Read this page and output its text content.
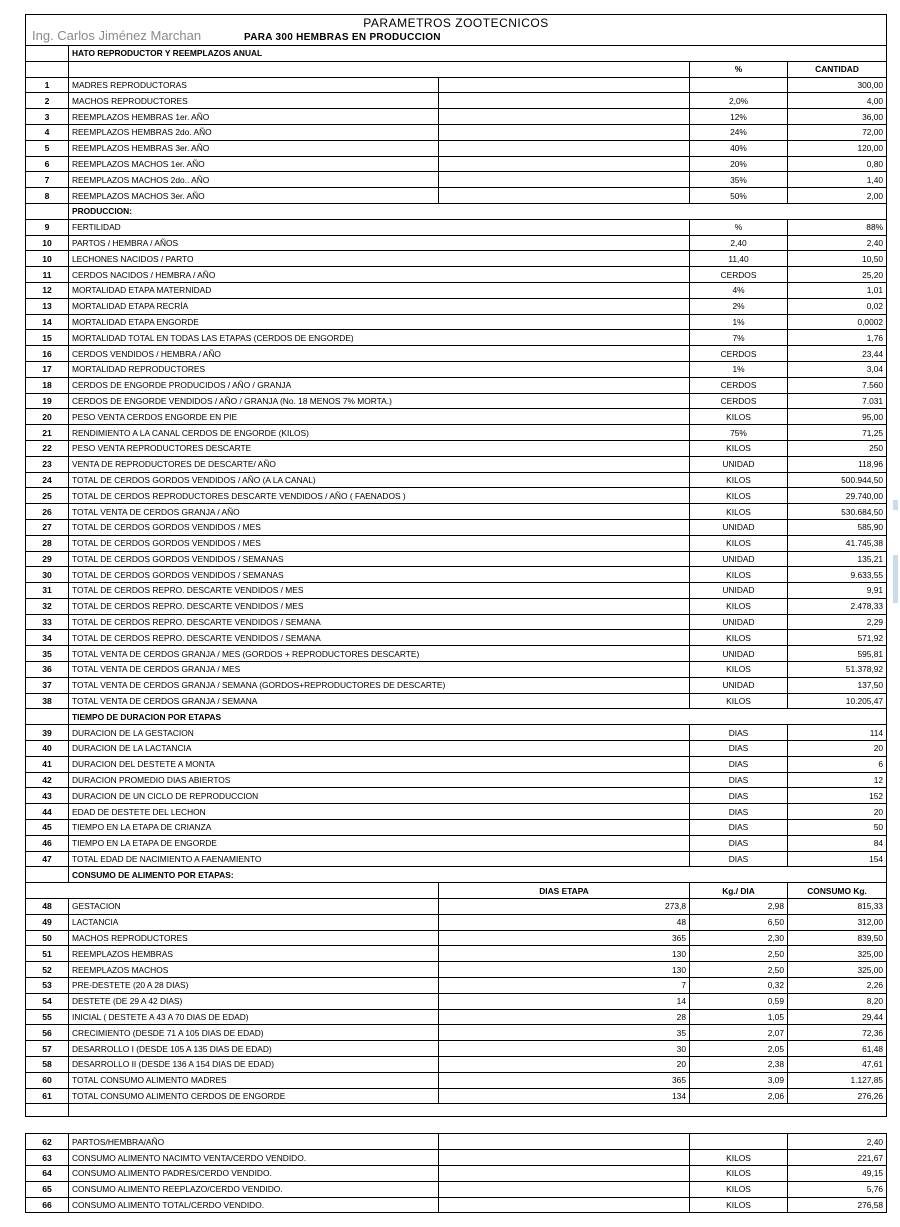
PARAMETROS ZOOTECNICOS
Ing. Carlos Jiménez Marchan PARA 300 HEMBRAS EN PRODUCCION				

	HATO REPRODUCTOR Y REEMPLAZOS ANUAL			
			%	CANTIDAD
1	MADRES REPRODUCTORAS			300,00
2	MACHOS REPRODUCTORES		2,0%	4,00
3	REEMPLAZOS HEMBRAS 1er. AÑO		12%	36,00
4	REEMPLAZOS HEMBRAS 2do. AÑO		24%	72,00
5	REEMPLAZOS HEMBRAS 3er. AÑO		40%	120,00
6	REEMPLAZOS MACHOS 1er. AÑO		20%	0,80
7	REEMPLAZOS MACHOS 2do.. AÑO		35%	1,40
8	REEMPLAZOS MACHOS 3er. AÑO		50%	2,00
	PRODUCCION:			
9	FERTILIDAD		%	88%
10	PARTOS / HEMBRA / AÑOS		2,40	2,40
10	LECHONES NACIDOS / PARTO		11,40	10,50
11	CERDOS NACIDOS / HEMBRA / AÑO		CERDOS	25,20
12	MORTALIDAD ETAPA MATERNIDAD		4%	1,01
13	MORTALIDAD ETAPA RECRÍA		2%	0,02
14	MORTALIDAD ETAPA ENGORDE		1%	0,0002
15	MORTALIDAD TOTAL EN TODAS LAS ETAPAS (CERDOS DE ENGORDE)		7%	1,76
16	CERDOS VENDIDOS / HEMBRA / AÑO		CERDOS	23,44
17	MORTALIDAD REPRODUCTORES		1%	3,04
18	CERDOS DE ENGORDE PRODUCIDOS / AÑO / GRANJA		CERDOS	7.560
19	CERDOS DE ENGORDE VENDIDOS / AÑO / GRANJA (No. 18 MENOS 7% MORTA.)		CERDOS	7.031
20	PESO VENTA CERDOS ENGORDE EN PIE		KILOS	95,00
21	RENDIMIENTO A LA CANAL CERDOS DE ENGORDE (KILOS)		75%	71,25
22	PESO VENTA REPRODUCTORES DESCARTE		KILOS	250
23	VENTA DE REPRODUCTORES DE DESCARTE/ AÑO		UNIDAD	118,96
24	TOTAL DE CERDOS GORDOS VENDIDOS / AÑO (A LA CANAL)		KILOS	500.944,50
25	TOTAL DE CERDOS REPRODUCTORES DESCARTE VENDIDOS / AÑO ( FAENADOS )		KILOS	29.740,00
26	TOTAL VENTA DE CERDOS GRANJA / AÑO		KILOS	530.684,50
27	TOTAL DE CERDOS GORDOS VENDIDOS / MES		UNIDAD	585,90
28	TOTAL DE CERDOS GORDOS VENDIDOS / MES		KILOS	41.745,38
29	TOTAL DE CERDOS GORDOS VENDIDOS / SEMANAS		UNIDAD	135,21
30	TOTAL DE CERDOS GORDOS VENDIDOS / SEMANAS		KILOS	9.633,55
31	TOTAL DE CERDOS REPRO. DESCARTE VENDIDOS / MES		UNIDAD	9,91
32	TOTAL DE CERDOS REPRO. DESCARTE VENDIDOS / MES		KILOS	2.478,33
33	TOTAL DE CERDOS REPRO. DESCARTE VENDIDOS / SEMANA		UNIDAD	2,29
34	TOTAL DE CERDOS REPRO. DESCARTE VENDIDOS / SEMANA		KILOS	571,92
35	TOTAL VENTA DE CERDOS GRANJA / MES (GORDOS + REPRODUCTORES DESCARTE)		UNIDAD	595,81
36	TOTAL VENTA DE CERDOS GRANJA / MES		KILOS	51.378,92
37	TOTAL VENTA DE CERDOS GRANJA / SEMANA (GORDOS+REPRODUCTORES DE DESCARTE)		UNIDAD	137,50
38	TOTAL VENTA DE CERDOS GRANJA / SEMANA		KILOS	10.205,47
	TIEMPO DE DURACION POR ETAPAS			
39	DURACION DE LA GESTACION		DIAS	114
40	DURACION DE LA LACTANCIA		DIAS	20
41	DURACION DEL DESTETE A MONTA		DIAS	6
42	DURACION PROMEDIO DIAS ABIERTOS		DIAS	12
43	DURACION DE UN CICLO DE REPRODUCCION		DIAS	152
44	EDAD DE DESTETE DEL LECHON		DIAS	20
45	TIEMPO EN LA ETAPA DE CRIANZA		DIAS	50
46	TIEMPO EN LA ETAPA DE ENGORDE		DIAS	84
47	TOTAL EDAD DE NACIMIENTO A FAENAMIENTO		DIAS	154
	CONSUMO DE ALIMENTO POR ETAPAS:			
		DIAS ETAPA	Kg./ DIA	CONSUMO Kg.
48	GESTACION	273,8	2,98	815,33
49	LACTANCIA	48	6,50	312,00
50	MACHOS REPRODUCTORES	365	2,30	839,50
51	REEMPLAZOS HEMBRAS	130	2,50	325,00
52	REEMPLAZOS MACHOS	130	2,50	325,00
53	PRE-DESTETE (20 A 28 DIAS)	7	0,32	2,26
54	DESTETE (DE 29 A 42 DIAS)	14	0,59	8,20
55	INICIAL ( DESTETE A 43 A 70 DIAS DE EDAD)	28	1,05	29,44
56	CRECIMIENTO (DESDE 71 A 105 DIAS DE EDAD)	35	2,07	72,36
57	DESARROLLO I (DESDE 105 A 135 DIAS DE EDAD)	30	2,05	61,48
58	DESARROLLO II (DESDE 136 A 154 DIAS DE EDAD)	20	2,38	47,61
60	TOTAL CONSUMO ALIMENTO MADRES	365	3,09	1.127,85
61	TOTAL CONSUMO ALIMENTO CERDOS DE ENGORDE	134	2,06	276,26

62	PARTOS/HEMBRA/AÑO			2,40
63	CONSUMO ALIMENTO NACIMTO VENTA/CERDO VENDIDO.		KILOS	221,67
64	CONSUMO ALIMENTO PADRES/CERDO VENDIDO.		KILOS	49,15
65	CONSUMO ALIMENTO REEPLAZO/CERDO VENDIDO.		KILOS	5,76
66	CONSUMO ALIMENTO TOTAL/CERDO VENDIDO.		KILOS	276,58
